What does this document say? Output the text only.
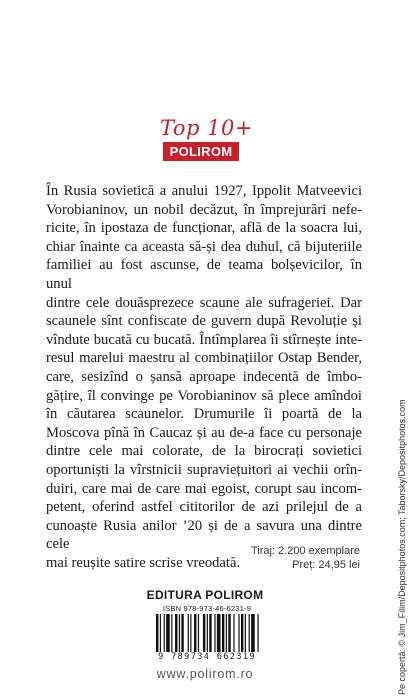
Top 10+
POLIROM

În Rusia sovietică a anului 1927, Ippolit Matveevici
Vorobianinov, un nobil decăzut, în împrejurări nefe-
ricite, în ipostaza de funcționar, află de la soacra lui,
chiar înainte ca aceasta să-și dea duhul, că bijuteriile
familiei au fost ascunse, de teama bolșevicilor, în unul
dintre cele douăsprezece scaune ale sufrageriei. Dar
scaunele sînt confiscate de guvern după Revoluție și
vîndute bucată cu bucată. Întîmplarea îi stîrnește inte-
resul marelui maestru al combinațiilor Ostap Bender,
care, sesizînd o șansă aproape indecentă de îmbo-
gățire, îl convinge pe Vorobianinov să plece amîndoi
în căutarea scaunelor. Drumurile îi poartă de la
Moscova pînă în Caucaz și au de-a face cu personaje
dintre cele mai colorate, de la birocrați sovietici
oportuniști la vîrstnicii supraviețuitori ai vechii orîn-
duiri, care mai de care mai egoist, corupt sau incom-
petent, oferind astfel cititorilor de azi prilejul de a
cunoaște Rusia anilor ’20 și de a savura una dintre cele
mai reușite satire scrise vreodată.

Tiraj: 2.200 exemplare
Preț: 24,95 lei
EDITURA POLIROM
ISBN 978-973-46-6231-9
9 789734 662319
www.polirom.ro	Pe copertă: © Jim_Filim/Depositphotos.com; Taborsky/Depositphotos.com
